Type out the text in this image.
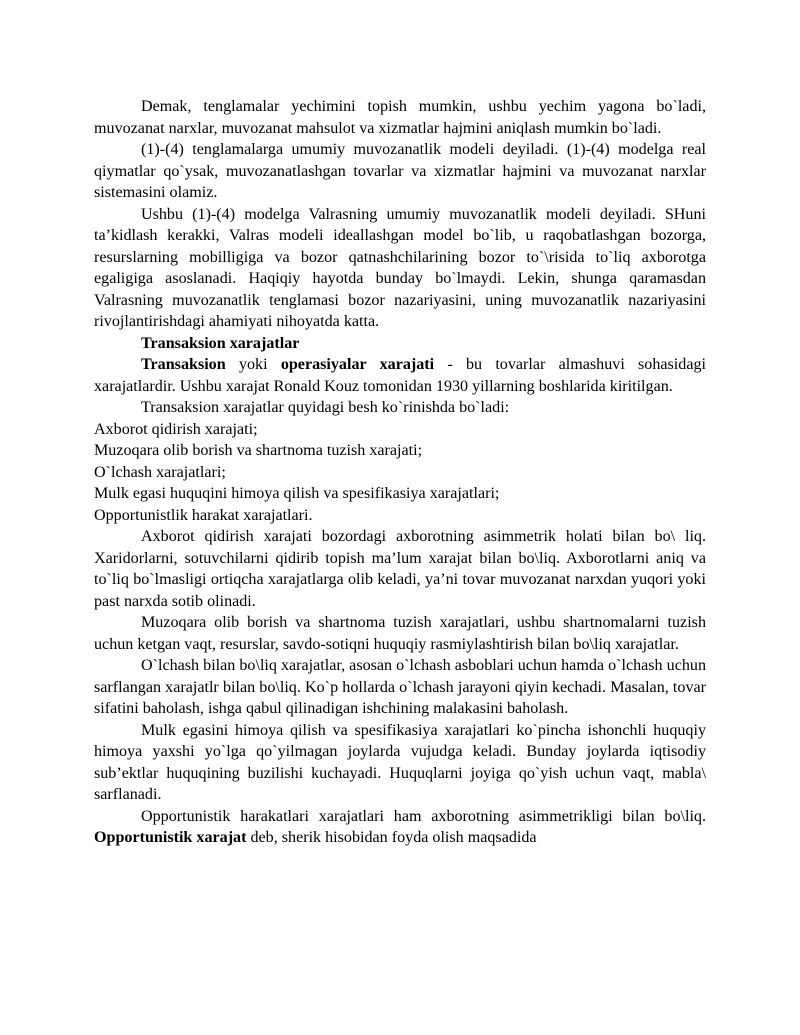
Demak, tenglamalar yechimini topish mumkin, ushbu yechim yagona bo`ladi, muvozanat narxlar, muvozanat mahsulot va xizmatlar hajmini aniqlash mumkin bo`ladi.

(1)-(4) tenglamalarga umumiy muvozanatlik modeli deyiladi. (1)-(4) modelga real qiymatlar qo`ysak, muvozanatlashgan tovarlar va xizmatlar hajmini va muvozanat narxlar sistemasini olamiz.

Ushbu (1)-(4) modelga Valrasning umumiy muvozanatlik modeli deyiladi. SHuni ta’kidlash kerakki, Valras modeli ideallashgan model bo`lib, u raqobatlashgan bozorga, resurslarning mobilligiga va bozor qatnashchilarining bozor to`\risida to`liq axborotga egaligiga asoslanadi. Haqiqiy hayotda bunday bo`lmaydi. Lekin, shunga qaramasdan Valrasning muvozanatlik tenglamasi bozor nazariyasini, uning muvozanatlik nazariyasini rivojlantirishdagi ahamiyati nihoyatda katta.

Transaksion xarajatlar

Transaksion yoki operasiyalar xarajati - bu tovarlar almashuvi sohasidagi xarajatlardir. Ushbu xarajat Ronald Kouz tomonidan 1930 yillarning boshlarida kiritilgan.

Transaksion xarajatlar quyidagi besh ko`rinishda bo`ladi:

Axborot qidirish xarajati;

Muzoqara olib borish va shartnoma tuzish xarajati;

O`lchash xarajatlari;

Mulk egasi huquqini himoya qilish va spesifikasiya xarajatlari;

Opportunistlik harakat xarajatlari.

Axborot qidirish xarajati bozordagi axborotning asimmetrik holati bilan bo\ liq. Xaridorlarni, sotuvchilarni qidirib topish ma’lum xarajat bilan bo\liq. Axborotlarni aniq va to`liq bo`lmasligi ortiqcha xarajatlarga olib keladi, ya’ni tovar muvozanat narxdan yuqori yoki past narxda sotib olinadi.

Muzoqara olib borish va shartnoma tuzish xarajatlari, ushbu shartnomalarni tuzish uchun ketgan vaqt, resurslar, savdo-sotiqni huquqiy rasmiylashtirish bilan bo\liq xarajatlar.

O`lchash bilan bo\liq xarajatlar, asosan o`lchash asboblari uchun hamda o`lchash uchun sarflangan xarajatlr bilan bo\liq. Ko`p hollarda o`lchash jarayoni qiyin kechadi. Masalan, tovar sifatini baholash, ishga qabul qilinadigan ishchining malakasini baholash.

Mulk egasini himoya qilish va spesifikasiya xarajatlari ko`pincha ishonchli huquqiy himoya yaxshi yo`lga qo`yilmagan joylarda vujudga keladi. Bunday joylarda iqtisodiy sub’ektlar huquqining buzilishi kuchayadi. Huquqlarni joyiga qo`yish uchun vaqt, mabla\ sarflanadi.

Opportunistik harakatlari xarajatlari ham axborotning asimmetrikligi bilan bo\liq. Opportunistik xarajat deb, sherik hisobidan foyda olish maqsadida
